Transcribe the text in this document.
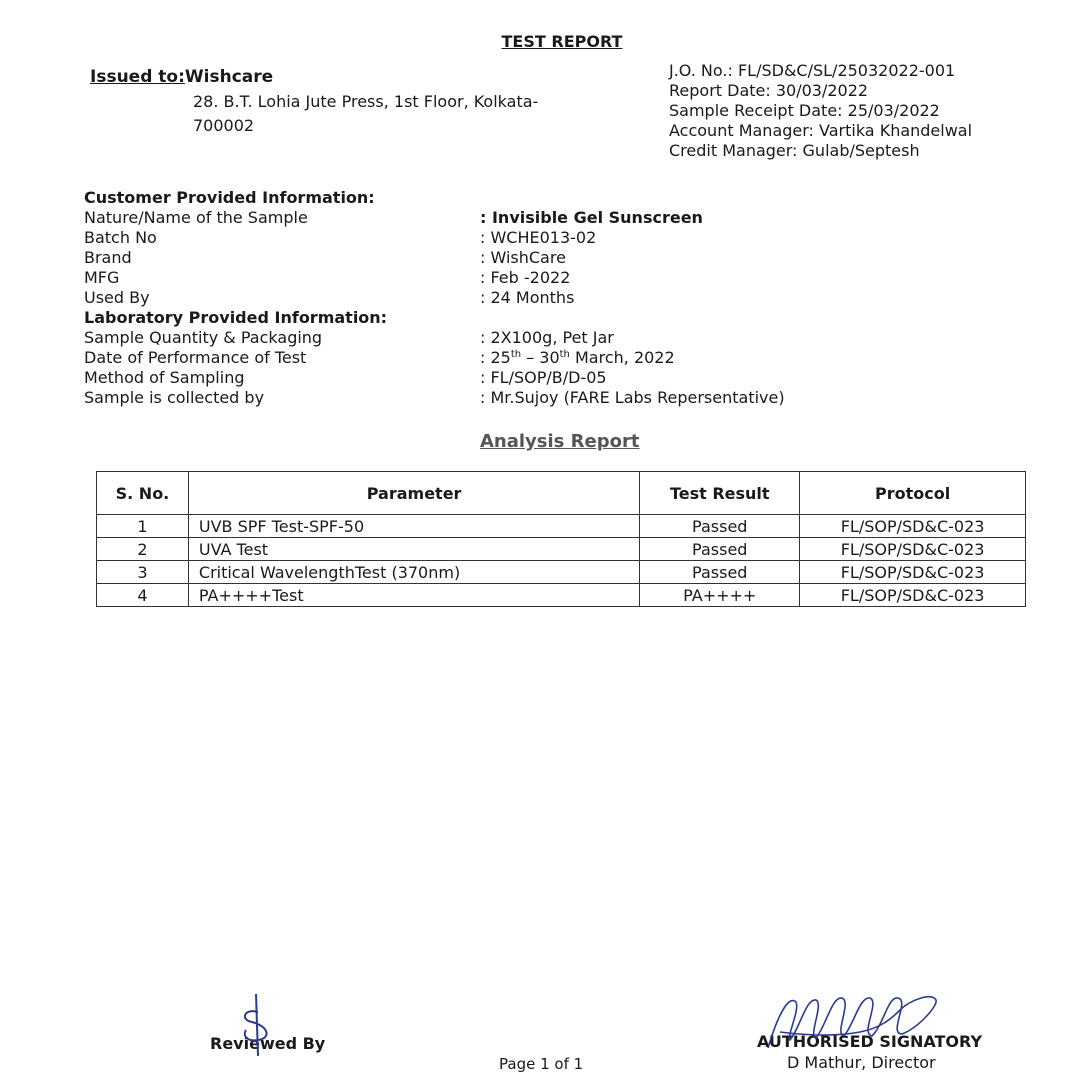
TEST REPORT
Issued to:Wishcare
28. B.T. Lohia Jute Press, 1st Floor, Kolkata-700002
J.O. No.: FL/SD&C/SL/25032022-001
Report Date: 30/03/2022
Sample Receipt Date: 25/03/2022
Account Manager: Vartika Khandelwal
Credit Manager: Gulab/Septesh
Customer Provided Information:
Nature/Name of the Sample	: Invisible Gel Sunscreen
Batch No	: WCHE013-02
Brand	: WishCare
MFG	: Feb -2022
Used By	: 24 Months
Laboratory Provided Information:
Sample Quantity & Packaging	: 2X100g, Pet Jar
Date of Performance of Test	: 25th – 30th March, 2022
Method of Sampling	: FL/SOP/B/D-05
Sample is collected by	: Mr.Sujoy (FARE Labs Repersentative)
Analysis Report
S. No.	Parameter	Test Result	Protocol
1	UVB SPF Test-SPF-50	Passed	FL/SOP/SD&C-023
2	UVA Test	Passed	FL/SOP/SD&C-023
3	Critical WavelengthTest (370nm)	Passed	FL/SOP/SD&C-023
4	PA++++Test	PA++++	FL/SOP/SD&C-023
Reviewed By
Page 1 of 1
AUTHORISED SIGNATORY
D Mathur, Director
